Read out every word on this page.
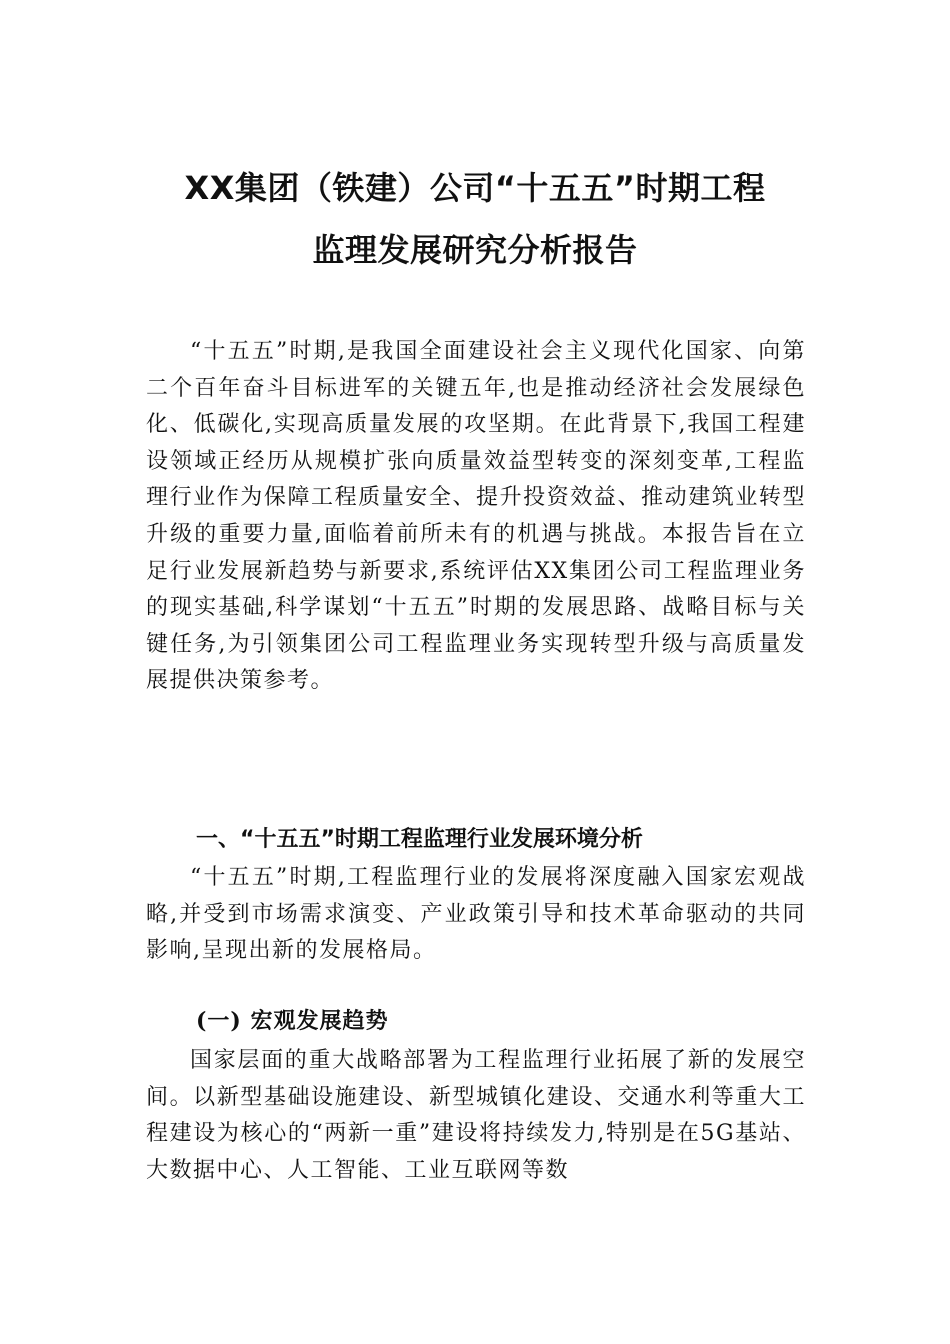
XX集团（铁建）公司“十五五”时期工程
监理发展研究分析报告

“十五五”时期,是我国全面建设社会主义现代化国家、向第二个百年奋斗目标进军的关键五年,也是推动经济社会发展绿色化、低碳化,实现高质量发展的攻坚期。在此背景下,我国工程建设领域正经历从规模扩张向质量效益型转变的深刻变革,工程监理行业作为保障工程质量安全、提升投资效益、推动建筑业转型升级的重要力量,面临着前所未有的机遇与挑战。本报告旨在立足行业发展新趋势与新要求,系统评估XX集团公司工程监理业务的现实基础,科学谋划“十五五”时期的发展思路、战略目标与关键任务,为引领集团公司工程监理业务实现转型升级与高质量发展提供决策参考。

一、“十五五”时期工程监理行业发展环境分析

“十五五”时期,工程监理行业的发展将深度融入国家宏观战略,并受到市场需求演变、产业政策引导和技术革命驱动的共同影响,呈现出新的发展格局。

(一) 宏观发展趋势

国家层面的重大战略部署为工程监理行业拓展了新的发展空间。以新型基础设施建设、新型城镇化建设、交通水利等重大工程建设为核心的“两新一重”建设将持续发力,特别是在5G基站、大数据中心、人工智能、工业互联网等数
